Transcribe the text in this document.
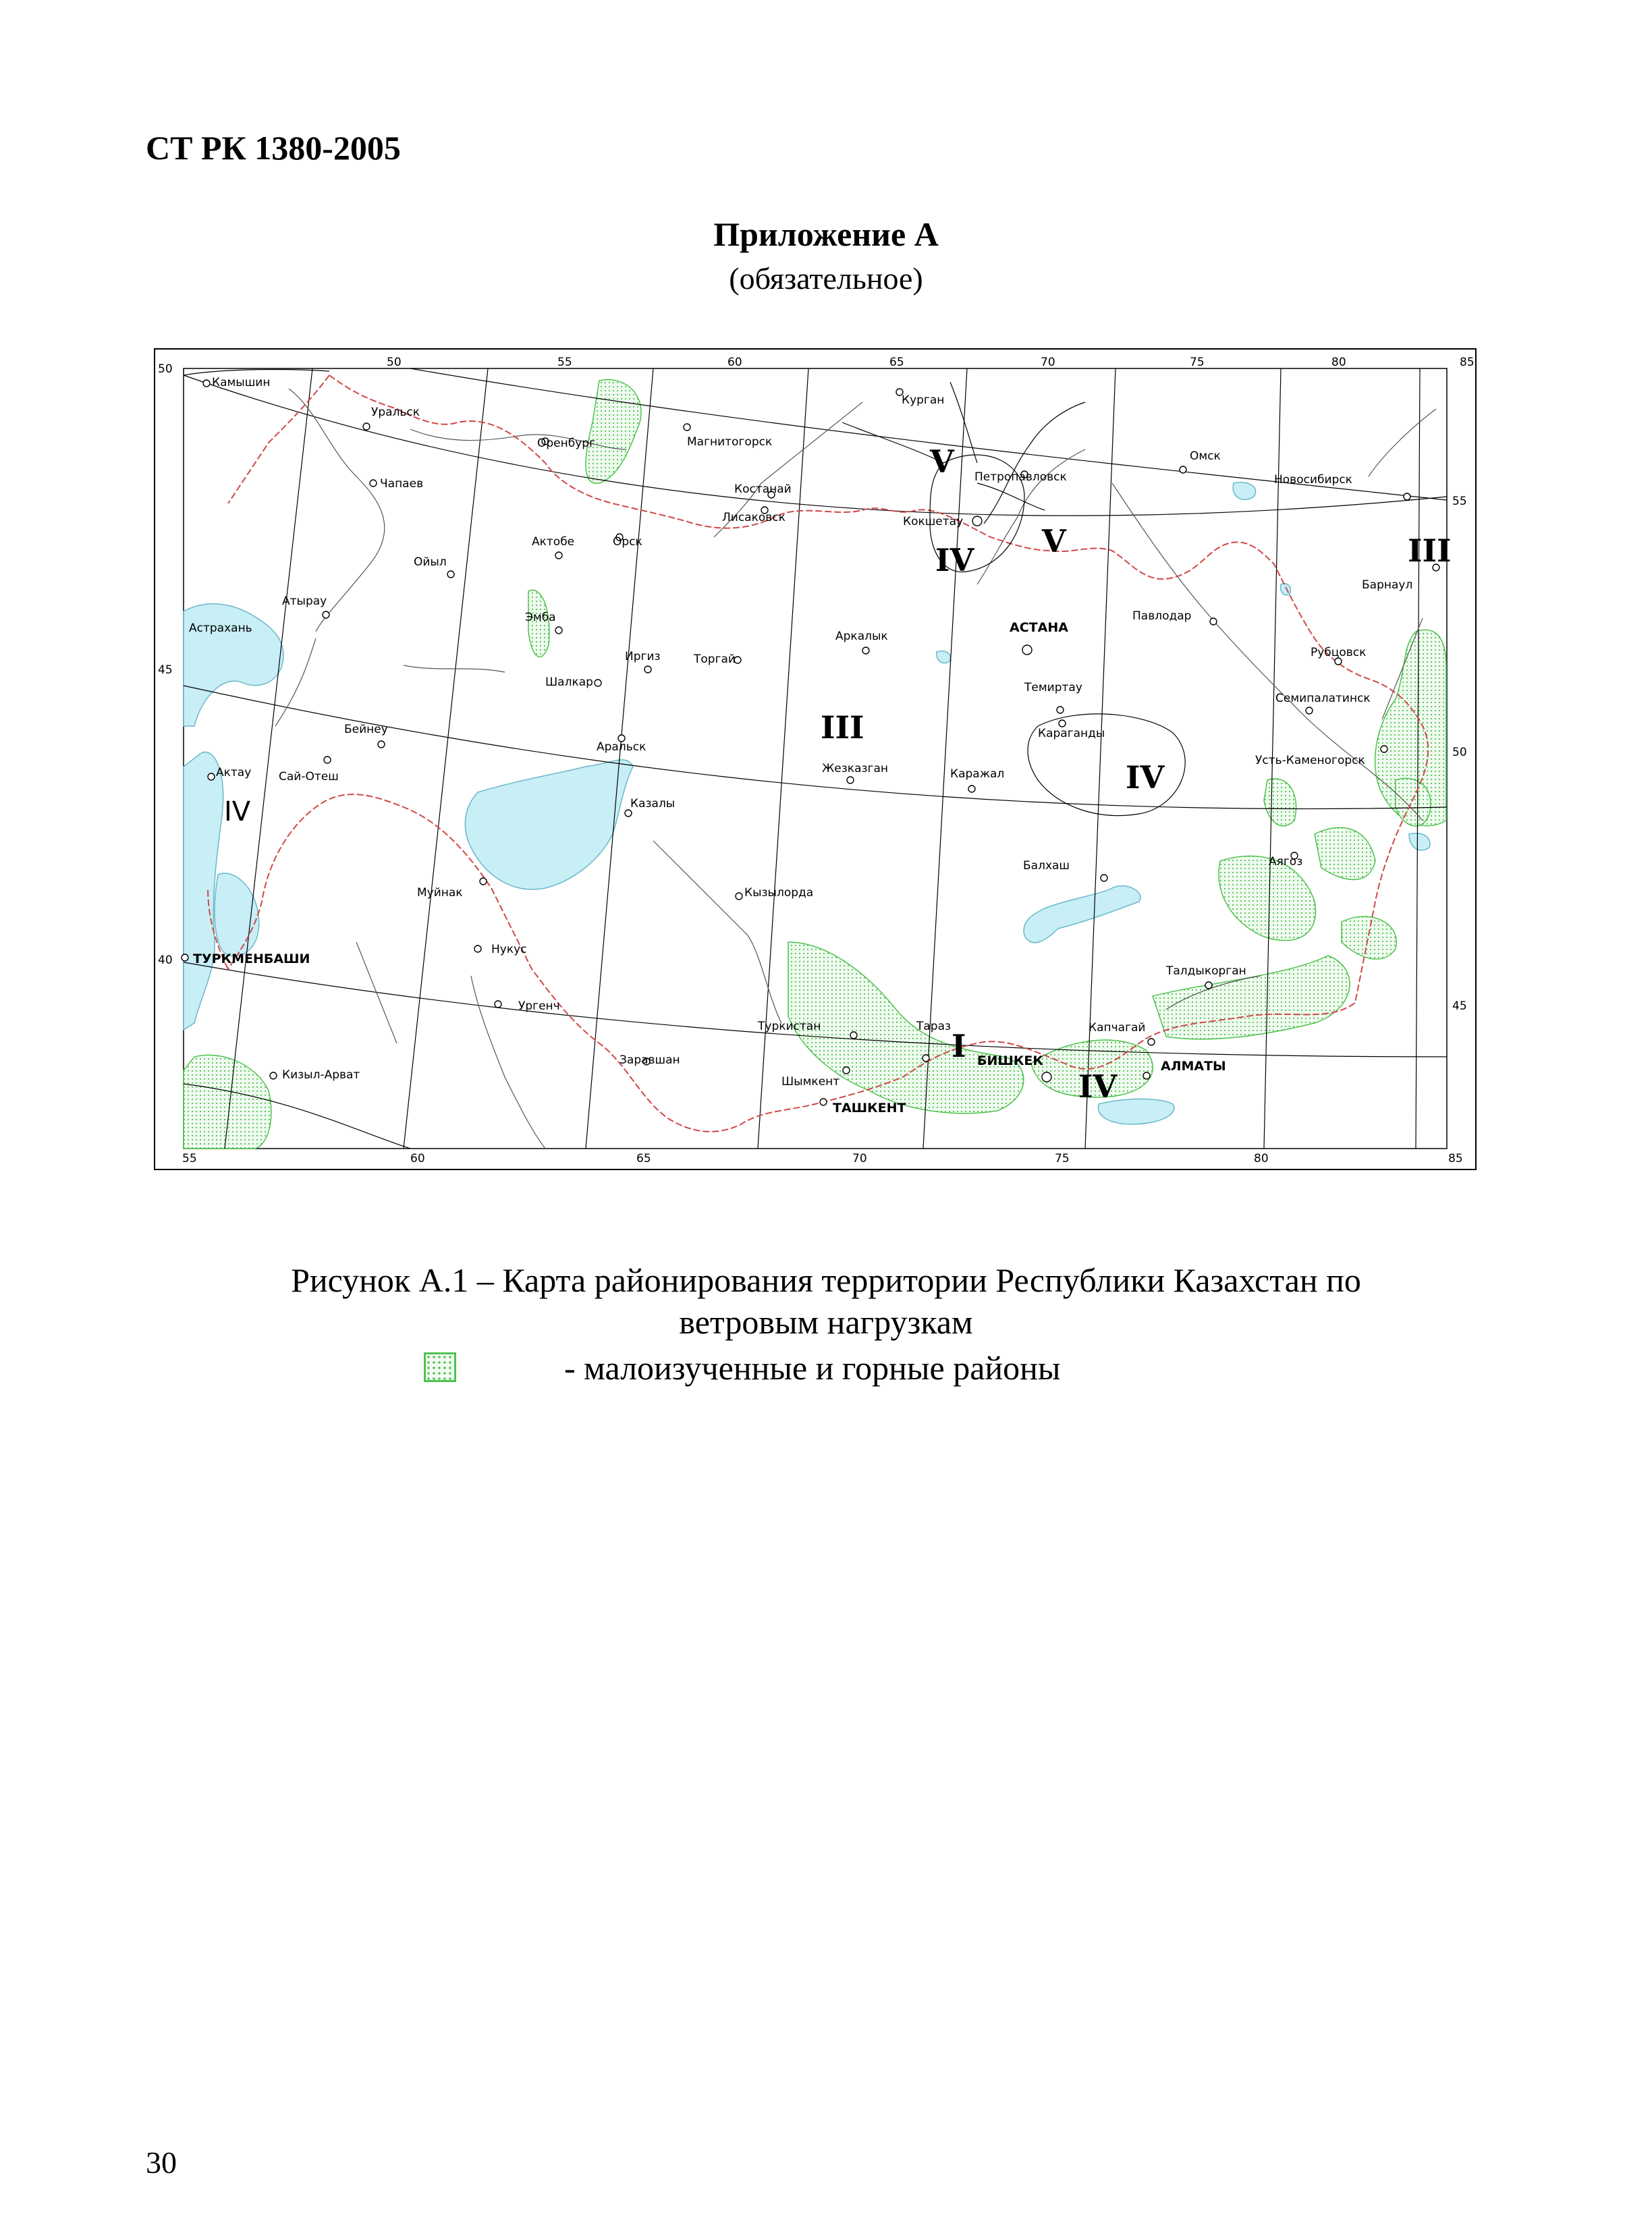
СТ РК 1380-2005
Приложение А
(обязательное)
50	55	60	65	70	75	80	85
55	60	65	70	75	80	85
50
45
40
55
50
45
Камышин
Уральск
Оренбург	Магнитогорск
Курган
Омск
Новосибирск
Чапаев	Костанай
Лисаковск
Петропавловск
Актобе	Орск
Кокшетау
Ойыл
Барнаул
Атырау
Астрахань
Эмба
Аркалык
АСТАНА
Павлодар
Иргиз	Торгай
Шалкар
Рубцовск
Темиртау
Семипалатинск
Бейнеу	Караганды
Аральск
Усть-Каменогорск
Актау Сай-Отеш
Жезказган	Каражал
Казалы
Балхаш	Аягоз
Муйнак	Кызылорда
Нукус
Талдыкорган
ТУРКМЕНБАШИ
Ургенч
Туркистан	Тараз	Капчагай
Заравшан	БИШКЕК	АЛМАТЫ
Кизыл-Арват	Шымкент
ТАШКЕНТ
V
V
IV	III
III
IV
IV
I
IV
Рисунок А.1 – Карта районирования территории Республики Казахстан по
ветровым нагрузкам
- малоизученные и горные районы
30
